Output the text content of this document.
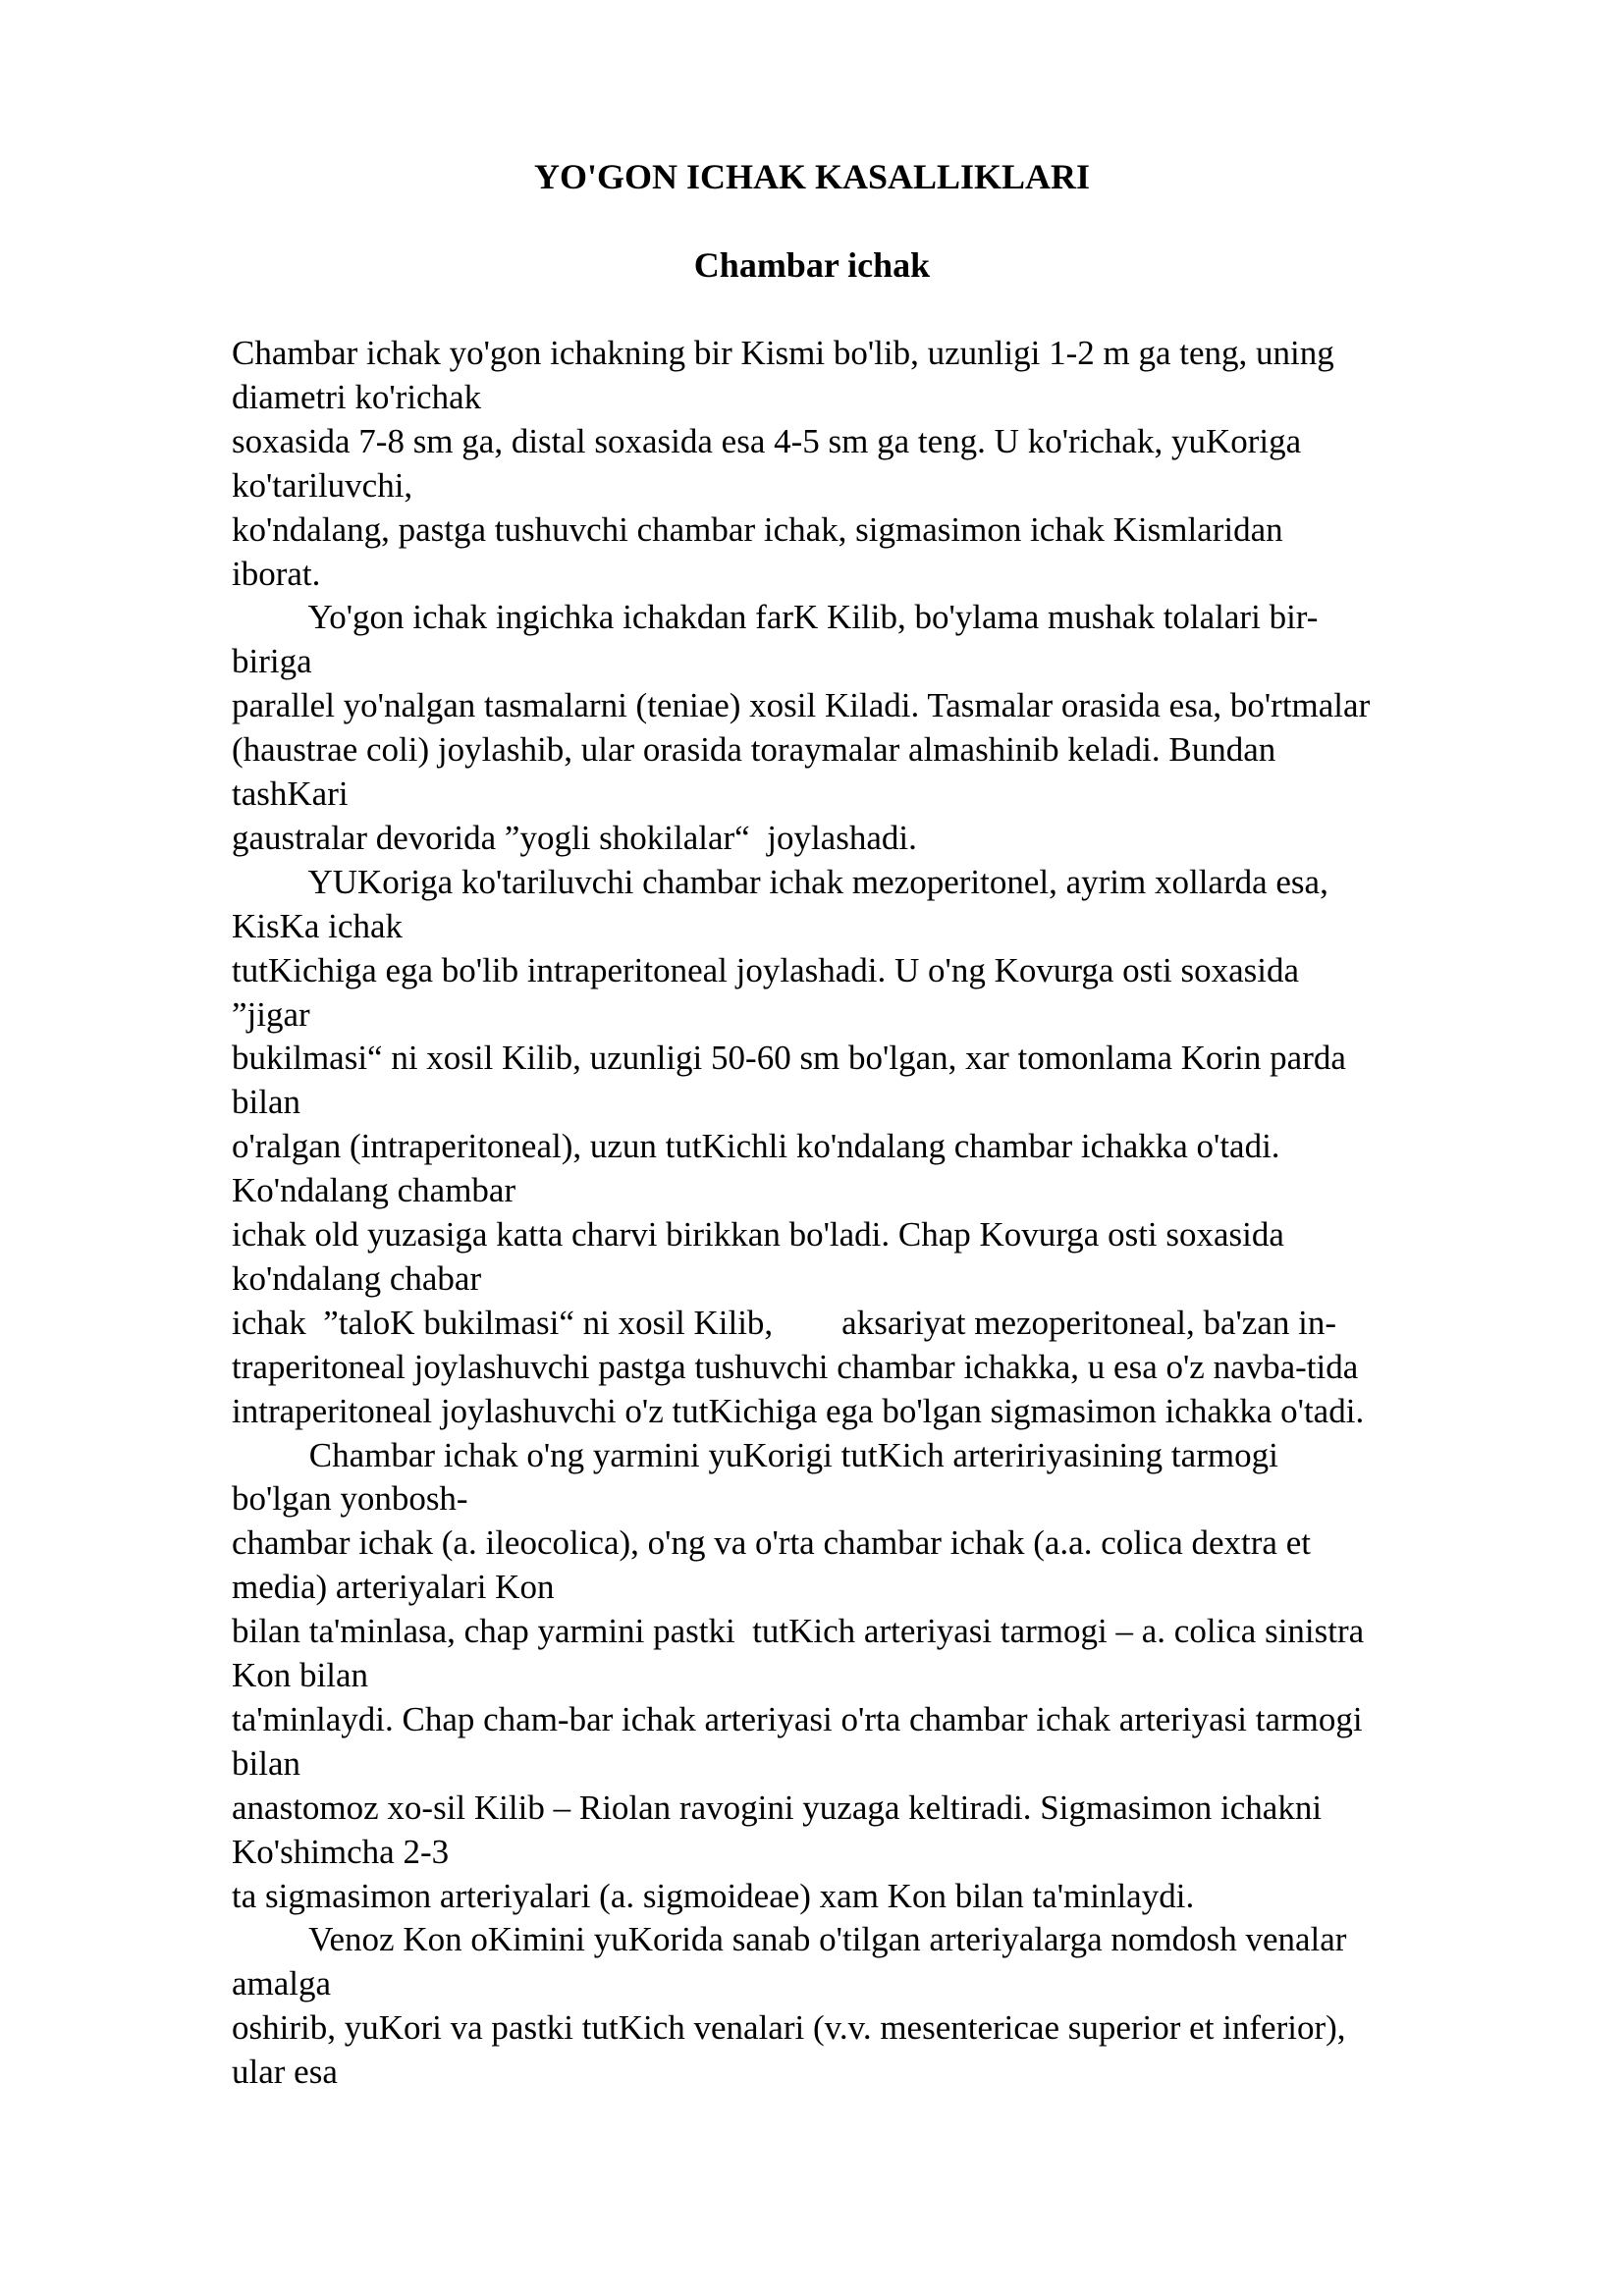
YO'GON ICHAK KASALLIKLARI
Chambar ichak
Chambar ichak yo'gon ichakning bir Kismi bo'lib, uzunligi 1-2 m ga teng, uning
diametri ko'richak
soxasida 7-8 sm ga, distal soxasida esa 4-5 sm ga teng. U ko'richak, yuKoriga
ko'tariluvchi,
ko'ndalang, pastga tushuvchi chambar ichak, sigmasimon ichak Kismlaridan
iborat.
Yo'gon ichak ingichka ichakdan farK Kilib, bo'ylama mushak tolalari bir-
biriga
parallel yo'nalgan tasmalarni (teniae) xosil Kiladi. Tasmalar orasida esa, bo'rtmalar
(haustrae coli) joylashib, ular orasida toraymalar almashinib keladi. Bundan
tashKari
gaustralar devorida ”yogli shokilalar“  joylashadi.
YUKoriga ko'tariluvchi chambar ichak mezoperitonel, ayrim xollarda esa,
KisKa ichak
tutKichiga ega bo'lib intraperitoneal joylashadi. U o'ng Kovurga osti soxasida
”jigar
bukilmasi“ ni xosil Kilib, uzunligi 50-60 sm bo'lgan, xar tomonlama Korin parda
bilan
o'ralgan (intraperitoneal), uzun tutKichli ko'ndalang chambar ichakka o'tadi.
Ko'ndalang chambar
ichak old yuzasiga katta charvi birikkan bo'ladi. Chap Kovurga osti soxasida
ko'ndalang chabar
ichak  ”taloK bukilmasi“ ni xosil Kilib,        aksariyat mezoperitoneal, ba'zan in-
traperitoneal joylashuvchi pastga tushuvchi chambar ichakka, u esa o'z navba-tida
intraperitoneal joylashuvchi o'z tutKichiga ega bo'lgan sigmasimon ichakka o'tadi.
Chambar ichak o'ng yarmini yuKorigi tutKich arteririyasining tarmogi
bo'lgan yonbosh-
chambar ichak (a. ileocolica), o'ng va o'rta chambar ichak (a.a. colica dextra et
media) arteriyalari Kon
bilan ta'minlasa, chap yarmini pastki  tutKich arteriyasi tarmogi – a. colica sinistra
Kon bilan
ta'minlaydi. Chap cham-bar ichak arteriyasi o'rta chambar ichak arteriyasi tarmogi
bilan
anastomoz xo-sil Kilib – Riolan ravogini yuzaga keltiradi. Sigmasimon ichakni
Ko'shimcha 2-3
ta sigmasimon arteriyalari (a. sigmoideae) xam Kon bilan ta'minlaydi.
Venoz Kon oKimini yuKorida sanab o'tilgan arteriyalarga nomdosh venalar
amalga
oshirib, yuKori va pastki tutKich venalari (v.v. mesentericae superior et inferior),
ular esa
